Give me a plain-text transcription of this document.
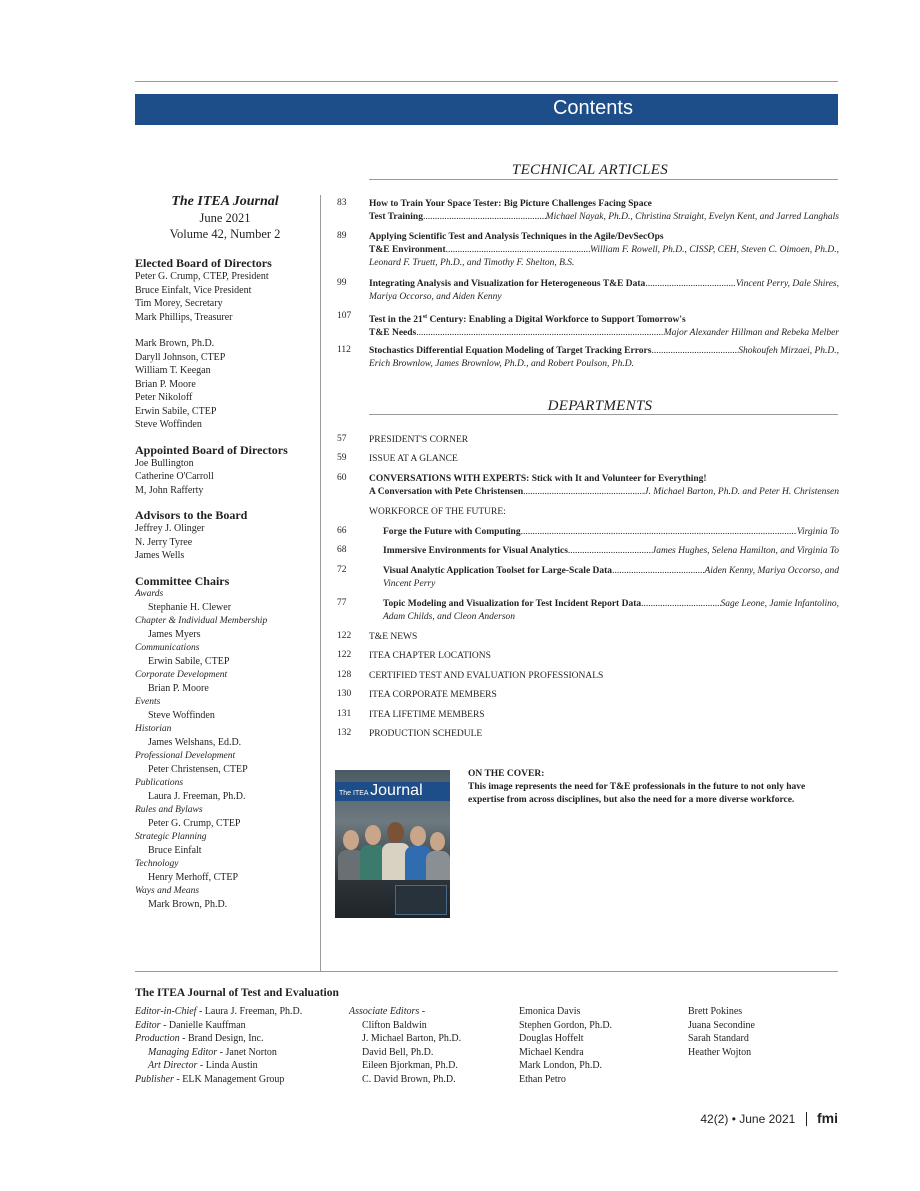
Contents
TECHNICAL ARTICLES
83	How to Train Your Space Tester: Big Picture Challenges Facing Space
Test Training .....	Michael Nayak, Ph.D., Christina Straight, Evelyn Kent, and Jarred Langhals
89	Applying Scientific Test and Analysis Techniques in the Agile/DevSecOps
T&E Environment .....	William F. Rowell, Ph.D., CISSP, CEH, Steven C. Oimoen, Ph.D.,
Leonard F. Truett, Ph.D., and Timothy F. Shelton, B.S.
99	Integrating Analysis and Visualization for Heterogeneous T&E Data .....	Vincent Perry, Dale Shires,
Mariya Occorso, and Aiden Kenny
107	Test in the 21st Century: Enabling a Digital Workforce to Support Tomorrow's
T&E Needs .....	Major Alexander Hillman and Rebeka Melber
112	Stochastics Differential Equation Modeling of Target Tracking Errors .....	Shokoufeh Mirzaei, Ph.D.,
Erich Brownlow, James Brownlow, Ph.D., and Robert Poulson, Ph.D.
DEPARTMENTS
57	PRESIDENT'S CORNER
59	ISSUE AT A GLANCE
60	CONVERSATIONS WITH EXPERTS: Stick with It and Volunteer for Everything!
A Conversation with Pete Christensen .....	J. Michael Barton, Ph.D. and Peter H. Christensen
WORKFORCE OF THE FUTURE:
66	Forge the Future with Computing .....	Virginia To
68	Immersive Environments for Visual Analytics .....	James Hughes, Selena Hamilton, and Virginia To
72	Visual Analytic Application Toolset for Large-Scale Data .....	Aiden Kenny, Mariya Occorso, and
Vincent Perry
77	Topic Modeling and Visualization for Test Incident Report Data .....	Sage Leone, Jamie Infantolino,
Adam Childs, and Cleon Anderson
122	T&E NEWS
122	ITEA CHAPTER LOCATIONS
128	CERTIFIED TEST AND EVALUATION PROFESSIONALS
130	ITEA CORPORATE MEMBERS
131	ITEA LIFETIME MEMBERS
132	PRODUCTION SCHEDULE
The ITEA Journal
ON THE COVER:
This image represents the need for T&E professionals in the future to not only have expertise from across disciplines, but also the need for a more diverse workforce.
The ITEA Journal
June 2021
Volume 42, Number 2
Elected Board of Directors
Peter G. Crump, CTEP, President
Bruce Einfalt, Vice President
Tim Morey, Secretary
Mark Phillips, Treasurer
Mark Brown, Ph.D.
Daryll Johnson, CTEP
William T. Keegan
Brian P. Moore
Peter Nikoloff
Erwin Sabile, CTEP
Steve Woffinden
Appointed Board of Directors
Joe Bullington
Catherine O'Carroll
M, John Rafferty
Advisors to the Board
Jeffrey J. Olinger
N. Jerry Tyree
James Wells
Committee Chairs
Awards
Stephanie H. Clewer
Chapter & Individual Membership
James Myers
Communications
Erwin Sabile, CTEP
Corporate Development
Brian P. Moore
Events
Steve Woffinden
Historian
James Welshans, Ed.D.
Professional Development
Peter Christensen, CTEP
Publications
Laura J. Freeman, Ph.D.
Rules and Bylaws
Peter G. Crump, CTEP
Strategic Planning
Bruce Einfalt
Technology
Henry Merhoff, CTEP
Ways and Means
Mark Brown, Ph.D.
The ITEA Journal of Test and Evaluation
Editor-in-Chief - Laura J. Freeman, Ph.D.
Editor - Danielle Kauffman
Production - Brand Design, Inc.
Managing Editor - Janet Norton
Art Director - Linda Austin
Publisher - ELK Management Group
Associate Editors -
Clifton Baldwin
J. Michael Barton, Ph.D.
David Bell, Ph.D.
Eileen Bjorkman, Ph.D.
C. David Brown, Ph.D.
Emonica Davis
Stephen Gordon, Ph.D.
Douglas Hoffelt
Michael Kendra
Mark London, Ph.D.
Ethan Petro
Brett Pokines
Juana Secondine
Sarah Standard
Heather Wojton
42(2) • June 2021 fmi
